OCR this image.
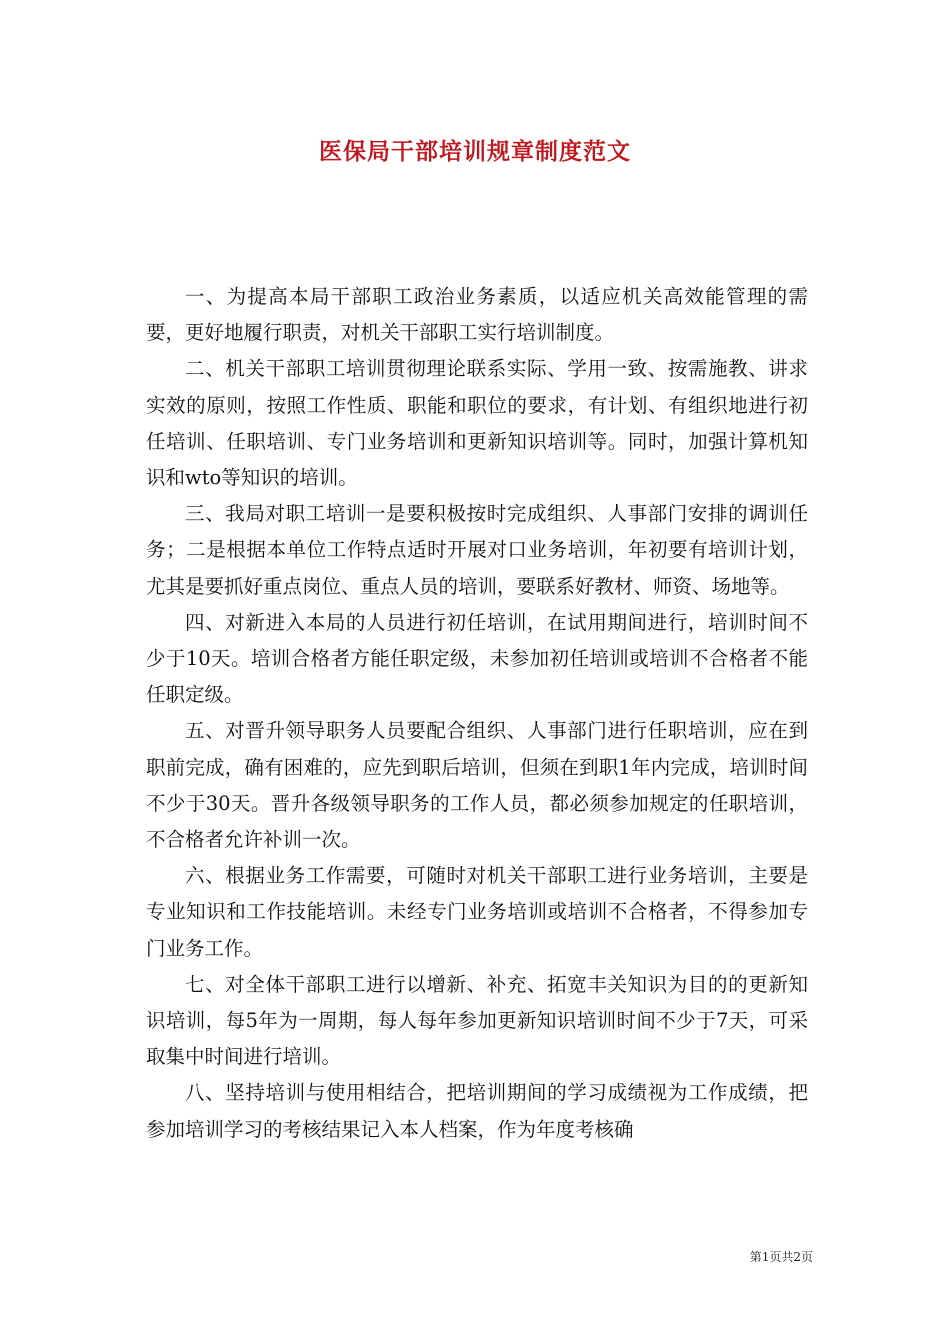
医保局干部培训规章制度范文

一、为提高本局干部职工政治业务素质，以适应机关高效能管理的需要，更好地履行职责，对机关干部职工实行培训制度。

二、机关干部职工培训贯彻理论联系实际、学用一致、按需施教、讲求实效的原则，按照工作性质、职能和职位的要求，有计划、有组织地进行初任培训、任职培训、专门业务培训和更新知识培训等。同时，加强计算机知识和wto等知识的培训。

三、我局对职工培训一是要积极按时完成组织、人事部门安排的调训任务；二是根据本单位工作特点适时开展对口业务培训，年初要有培训计划，尤其是要抓好重点岗位、重点人员的培训，要联系好教材、师资、场地等。

四、对新进入本局的人员进行初任培训，在试用期间进行，培训时间不少于10天。培训合格者方能任职定级，未参加初任培训或培训不合格者不能任职定级。

五、对晋升领导职务人员要配合组织、人事部门进行任职培训，应在到职前完成，确有困难的，应先到职后培训，但须在到职1年内完成，培训时间不少于30天。晋升各级领导职务的工作人员，都必须参加规定的任职培训，不合格者允许补训一次。

六、根据业务工作需要，可随时对机关干部职工进行业务培训，主要是专业知识和工作技能培训。未经专门业务培训或培训不合格者，不得参加专门业务工作。

七、对全体干部职工进行以增新、补充、拓宽丰关知识为目的的更新知识培训，每5年为一周期，每人每年参加更新知识培训时间不少于7天，可采取集中时间进行培训。

八、坚持培训与使用相结合，把培训期间的学习成绩视为工作成绩，把参加培训学习的考核结果记入本人档案，作为年度考核确

第1页共2页
